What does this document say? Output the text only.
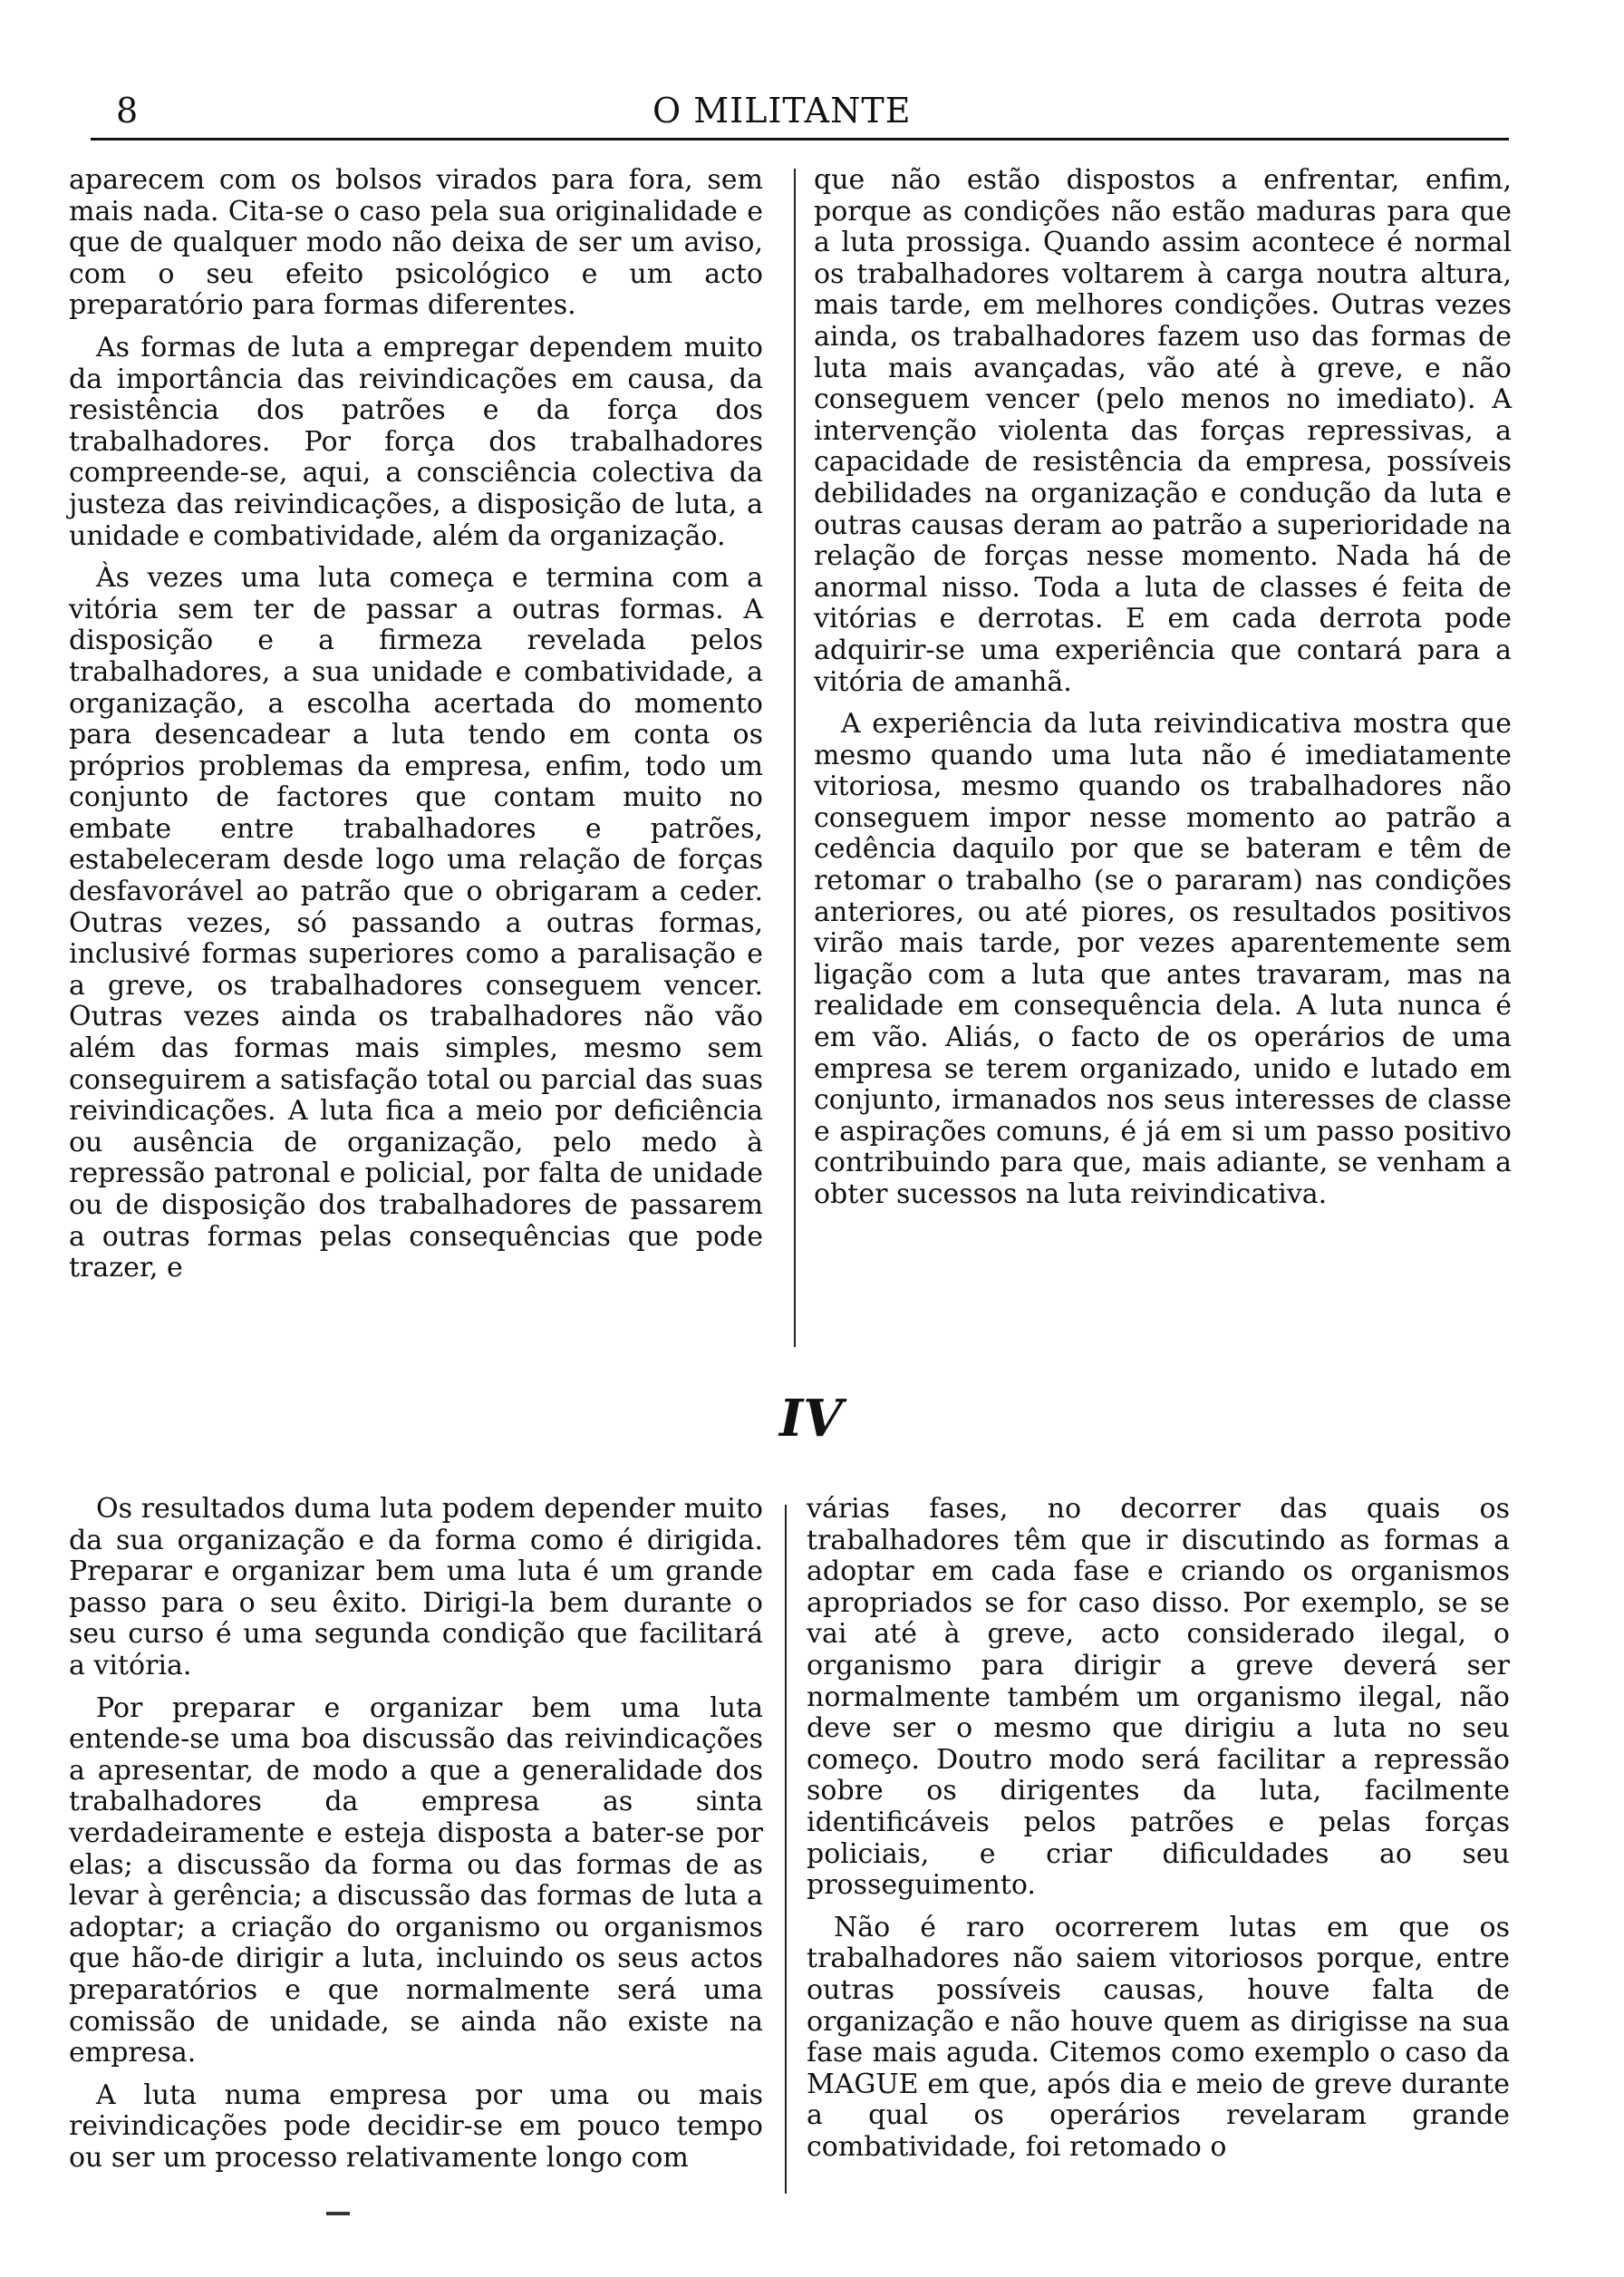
8	O MILITANTE

aparecem com os bolsos virados para fora, sem mais nada. Cita-se o caso pela sua originalidade e que de qualquer modo não deixa de ser um aviso, com o seu efeito psicológico e um acto preparatório para formas diferentes.

As formas de luta a empregar dependem muito da importância das reivindicações em causa, da resistência dos patrões e da força dos trabalhadores. Por força dos trabalhadores compreende-se, aqui, a consciência colectiva da justeza das reivindicações, a disposição de luta, a unidade e combatividade, além da organização.

Às vezes uma luta começa e termina com a vitória sem ter de passar a outras formas. A disposição e a firmeza revelada pelos trabalhadores, a sua unidade e combatividade, a organização, a escolha acertada do momento para desencadear a luta tendo em conta os próprios problemas da empresa, enfim, todo um conjunto de factores que contam muito no embate entre trabalhadores e patrões, estabeleceram desde logo uma relação de forças desfavorável ao patrão que o obrigaram a ceder. Outras vezes, só passando a outras formas, inclusivé formas superiores como a paralisação e a greve, os trabalhadores conseguem vencer. Outras vezes ainda os trabalhadores não vão além das formas mais simples, mesmo sem conseguirem a satisfação total ou parcial das suas reivindicações. A luta fica a meio por deficiência ou ausência de organização, pelo medo à repressão patronal e policial, por falta de unidade ou de disposição dos trabalhadores de passarem a outras formas pelas consequências que pode trazer, e

que não estão dispostos a enfrentar, enfim, porque as condições não estão maduras para que a luta prossiga. Quando assim acontece é normal os trabalhadores voltarem à carga noutra altura, mais tarde, em melhores condições. Outras vezes ainda, os trabalhadores fazem uso das formas de luta mais avançadas, vão até à greve, e não conseguem vencer (pelo menos no imediato). A intervenção violenta das forças repressivas, a capacidade de resistência da empresa, possíveis debilidades na organização e condução da luta e outras causas deram ao patrão a superioridade na relação de forças nesse momento. Nada há de anormal nisso. Toda a luta de classes é feita de vitórias e derrotas. E em cada derrota pode adquirir-se uma experiência que contará para a vitória de amanhã.

A experiência da luta reivindicativa mostra que mesmo quando uma luta não é imediatamente vitoriosa, mesmo quando os trabalhadores não conseguem impor nesse momento ao patrão a cedência daquilo por que se bateram e têm de retomar o trabalho (se o pararam) nas condições anteriores, ou até piores, os resultados positivos virão mais tarde, por vezes aparentemente sem ligação com a luta que antes travaram, mas na realidade em consequência dela. A luta nunca é em vão. Aliás, o facto de os operários de uma empresa se terem organizado, unido e lutado em conjunto, irmanados nos seus interesses de classe e aspirações comuns, é já em si um passo positivo contribuindo para que, mais adiante, se venham a obter sucessos na luta reivindicativa.

IV

Os resultados duma luta podem depender muito da sua organização e da forma como é dirigida. Preparar e organizar bem uma luta é um grande passo para o seu êxito. Dirigi-la bem durante o seu curso é uma segunda condição que facilitará a vitória.

Por preparar e organizar bem uma luta entende-se uma boa discussão das reivindicações a apresentar, de modo a que a generalidade dos trabalhadores da empresa as sinta verdadeiramente e esteja disposta a bater-se por elas; a discussão da forma ou das formas de as levar à gerência; a discussão das formas de luta a adoptar; a criação do organismo ou organismos que hão-de dirigir a luta, incluindo os seus actos preparatórios e que normalmente será uma comissão de unidade, se ainda não existe na empresa.

A luta numa empresa por uma ou mais reivindicações pode decidir-se em pouco tempo ou ser um processo relativamente longo com

várias fases, no decorrer das quais os trabalhadores têm que ir discutindo as formas a adoptar em cada fase e criando os organismos apropriados se for caso disso. Por exemplo, se se vai até à greve, acto considerado ilegal, o organismo para dirigir a greve deverá ser normalmente também um organismo ilegal, não deve ser o mesmo que dirigiu a luta no seu começo. Doutro modo será facilitar a repressão sobre os dirigentes da luta, facilmente identificáveis pelos patrões e pelas forças policiais, e criar dificuldades ao seu prosseguimento.

Não é raro ocorrerem lutas em que os trabalhadores não saiem vitoriosos porque, entre outras possíveis causas, houve falta de organização e não houve quem as dirigisse na sua fase mais aguda. Citemos como exemplo o caso da MAGUE em que, após dia e meio de greve durante a qual os operários revelaram grande combatividade, foi retomado o
